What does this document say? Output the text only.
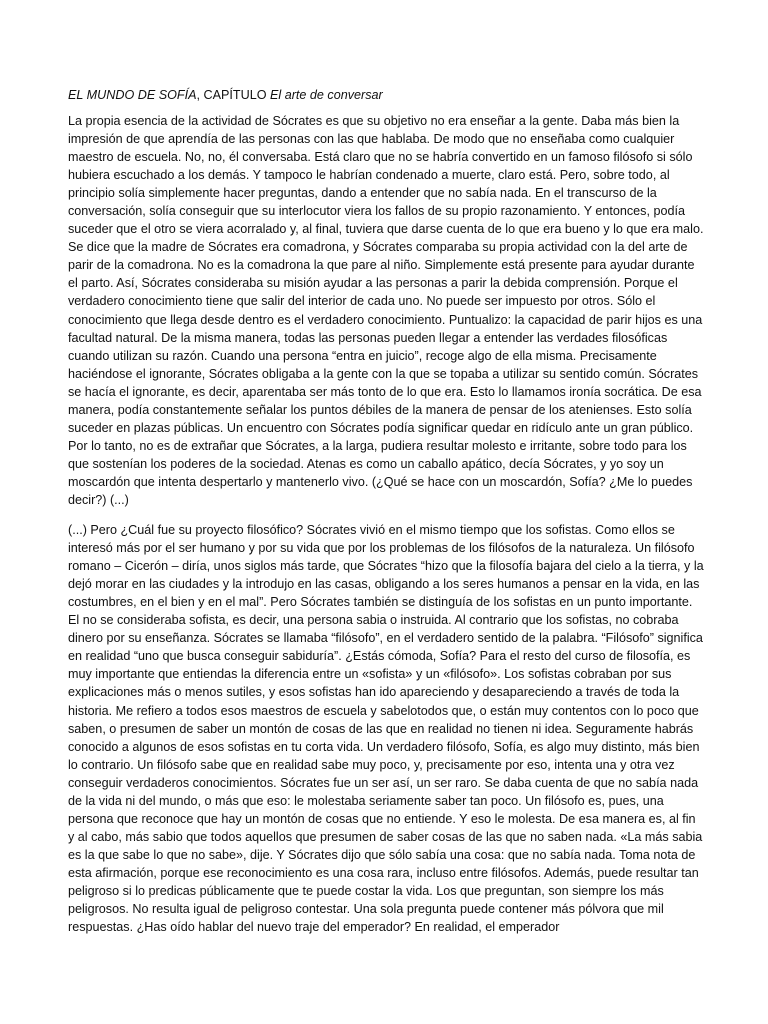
EL MUNDO DE SOFÍA, CAPÍTULO El arte de conversar

La propia esencia de la actividad de Sócrates es que su objetivo no era enseñar a la gente. Daba más bien la impresión de que aprendía de las personas con las que hablaba. De modo que no enseñaba como cualquier maestro de escuela. No, no, él conversaba. Está claro que no se habría convertido en un famoso filósofo si sólo hubiera escuchado a los demás. Y tampoco le habrían condenado a muerte, claro está. Pero, sobre todo, al principio solía simplemente hacer preguntas, dando a entender que no sabía nada. En el transcurso de la conversación, solía conseguir que su interlocutor viera los fallos de su propio razonamiento. Y entonces, podía suceder que el otro se viera acorralado y, al final, tuviera que darse cuenta de lo que era bueno y lo que era malo. Se dice que la madre de Sócrates era comadrona, y Sócrates comparaba su propia actividad con la del arte de parir de la comadrona. No es la comadrona la que pare al niño. Simplemente está presente para ayudar durante el parto. Así, Sócrates consideraba su misión ayudar a las personas a parir la debida comprensión. Porque el verdadero conocimiento tiene que salir del interior de cada uno. No puede ser impuesto por otros. Sólo el conocimiento que llega desde dentro es el verdadero conocimiento. Puntualizo: la capacidad de parir hijos es una facultad natural. De la misma manera, todas las personas pueden llegar a entender las verdades filosóficas cuando utilizan su razón. Cuando una persona “entra en juicio”, recoge algo de ella misma. Precisamente haciéndose el ignorante, Sócrates obligaba a la gente con la que se topaba a utilizar su sentido común. Sócrates se hacía el ignorante, es decir, aparentaba ser más tonto de lo que era. Esto lo llamamos ironía socrática. De esa manera, podía constantemente señalar los puntos débiles de la manera de pensar de los atenienses. Esto solía suceder en plazas públicas. Un encuentro con Sócrates podía significar quedar en ridículo ante un gran público. Por lo tanto, no es de extrañar que Sócrates, a la larga, pudiera resultar molesto e irritante, sobre todo para los que sostenían los poderes de la sociedad. Atenas es como un caballo apático, decía Sócrates, y yo soy un moscardón que intenta despertarlo y mantenerlo vivo. (¿Qué se hace con un moscardón, Sofía? ¿Me lo puedes decir?) (...)

(...) Pero ¿Cuál fue su proyecto filosófico? Sócrates vivió en el mismo tiempo que los sofistas. Como ellos se interesó más por el ser humano y por su vida que por los problemas de los filósofos de la naturaleza. Un filósofo romano – Cicerón – diría, unos siglos más tarde, que Sócrates “hizo que la filosofía bajara del cielo a la tierra, y la dejó morar en las ciudades y la introdujo en las casas, obligando a los seres humanos a pensar en la vida, en las costumbres, en el bien y en el mal”. Pero Sócrates también se distinguía de los sofistas en un punto importante. El no se consideraba sofista, es decir, una persona sabia o instruida. Al contrario que los sofistas, no cobraba dinero por su enseñanza. Sócrates se llamaba “filósofo”, en el verdadero sentido de la palabra. “Filósofo” significa en realidad “uno que busca conseguir sabiduría”. ¿Estás cómoda, Sofía? Para el resto del curso de filosofía, es muy importante que entiendas la diferencia entre un «sofista» y un «filósofo». Los sofistas cobraban por sus explicaciones más o menos sutiles, y esos sofistas han ido apareciendo y desapareciendo a través de toda la historia. Me refiero a todos esos maestros de escuela y sabelotodos que, o están muy contentos con lo poco que saben, o presumen de saber un montón de cosas de las que en realidad no tienen ni idea. Seguramente habrás conocido a algunos de esos sofistas en tu corta vida. Un verdadero filósofo, Sofía, es algo muy distinto, más bien lo contrario. Un filósofo sabe que en realidad sabe muy poco, y, precisamente por eso, intenta una y otra vez conseguir verdaderos conocimientos. Sócrates fue un ser así, un ser raro. Se daba cuenta de que no sabía nada de la vida ni del mundo, o más que eso: le molestaba seriamente saber tan poco. Un filósofo es, pues, una persona que reconoce que hay un montón de cosas que no entiende. Y eso le molesta. De esa manera es, al fin y al cabo, más sabio que todos aquellos que presumen de saber cosas de las que no saben nada. «La más sabia es la que sabe lo que no sabe», dije. Y Sócrates dijo que sólo sabía una cosa: que no sabía nada. Toma nota de esta afirmación, porque ese reconocimiento es una cosa rara, incluso entre filósofos. Además, puede resultar tan peligroso si lo predicas públicamente que te puede costar la vida. Los que preguntan, son siempre los más peligrosos. No resulta igual de peligroso contestar. Una sola pregunta puede contener más pólvora que mil respuestas. ¿Has oído hablar del nuevo traje del emperador? En realidad, el emperador
